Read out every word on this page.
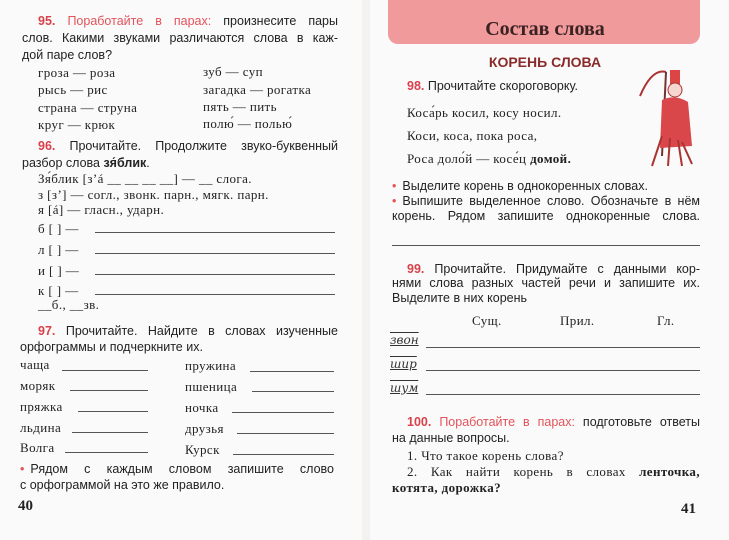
95. Поработайте в парах: произнесите пары
слов. Какими звуками различаются слова в каж-
дой паре слов?
гроза — роза	зуб — суп
рысь — рис	загадка — рогатка
страна — струна	пять — пить
круг — крюк	полю́ — полью́
96. Прочитайте. Продолжите звуко-буквенный
разбор слова зя́блик.
Зя́блик [з’á __ __ __ __] — __ слога.
з [з’] — согл., звонк. парн., мягк. парн.
я [á] — гласн., ударн.
б [ ] —
л [ ] —
и [ ] —
к [ ] —
__б., __зв.
97. Прочитайте. Найдите в словах изученные
орфограммы и подчеркните их.
чаща	пружина
моряк	пшеница
пряжка	ночка
льдина	друзья
Волга	Курск
• Рядом с каждым словом запишите слово
с орфограммой на это же правило.
40
Состав слова
КОРЕНЬ СЛОВА
98. Прочитайте скороговорку.
Коса́рь косил, косу носил.
Коси, коса, пока роса,
Роса доло́й — косе́ц домой.
• Выделите корень в однокоренных словах.
• Выпишите выделенное слово. Обозначьте в нём
корень. Рядом запишите однокоренные слова.
99. Прочитайте. Придумайте с данными кор-
нями слова разных частей речи и запишите их.
Выделите в них корень
Сущ.	Прил.	Гл.
звон
шир
шум
100. Поработайте в парах: подготовьте ответы
на данные вопросы.
1. Что такое корень слова?
2. Как найти корень в словах ленточка,
котята, дорожка?
41
